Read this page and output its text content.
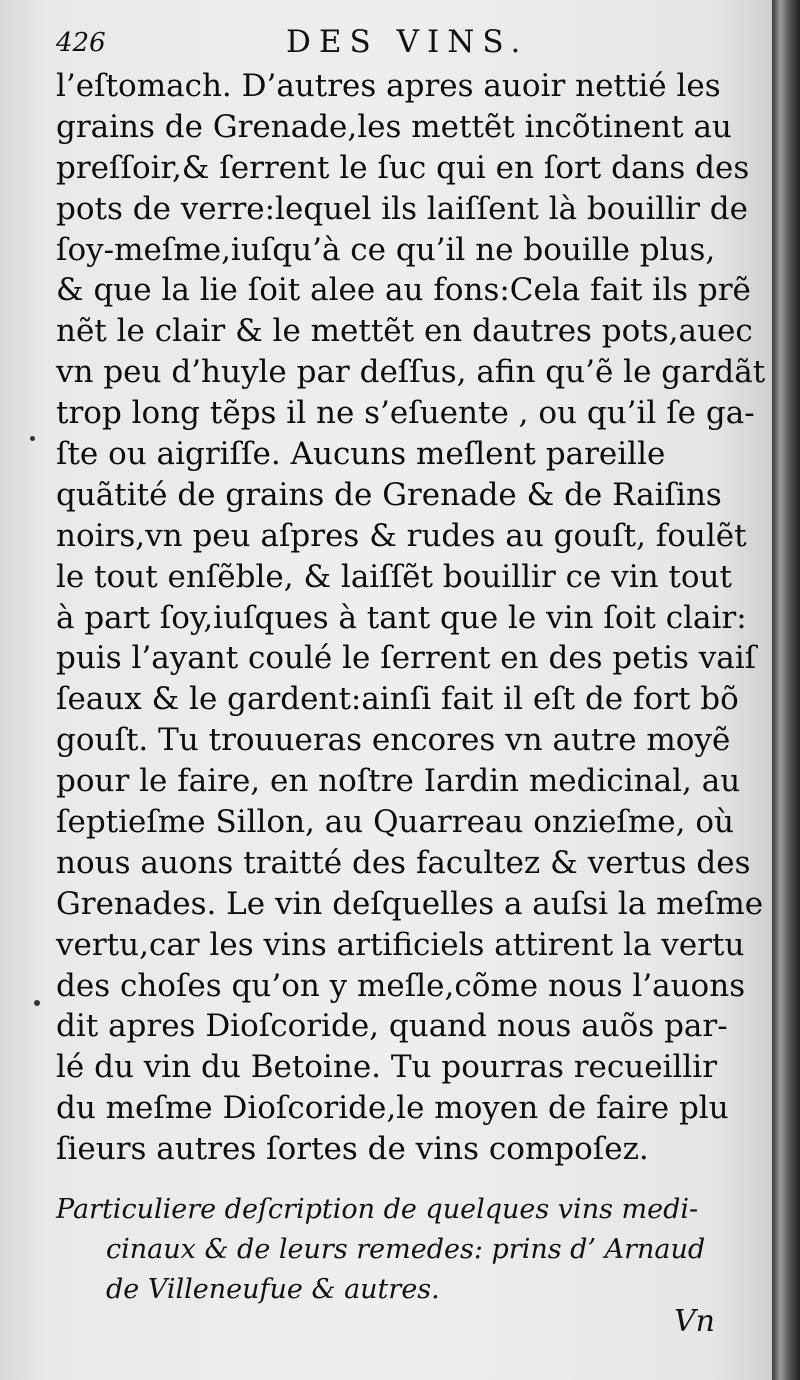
426	DES VINS.
l’eſtomach. D’autres apres auoir nettié les
grains de Grenade,les mettẽt incõtinent au
preſſoir,& ſerrent le ſuc qui en ſort dans des
pots de verre:lequel ils laiſſent là bouillir de
ſoy-meſme,iuſqu’à ce qu’il ne bouille plus,
& que la lie ſoit alee au fons:Cela fait ils prẽ
nẽt le clair & le mettẽt en dautres pots,auec
vn peu d’huyle par deſſus, afin qu’ẽ le gardãt
trop long tẽps il ne s’eſuente , ou qu’il ſe ga-
ſte ou aigriſſe. Aucuns meſlent pareille
quãtité de grains de Grenade & de Raiſins
noirs,vn peu aſpres & rudes au gouſt, foulẽt
le tout enſẽble, & laiſſẽt bouillir ce vin tout
à part ſoy,iuſques à tant que le vin ſoit clair:
puis l’ayant coulé le ſerrent en des petis vaiſ
ſeaux & le gardent:ainſi fait il eſt de fort bõ
gouſt. Tu trouueras encores vn autre moyẽ
pour le faire, en noſtre Iardin medicinal, au
ſeptieſme Sillon, au Quarreau onzieſme, où
nous auons traitté des facultez & vertus des
Grenades. Le vin deſquelles a auſsi la meſme
vertu,car les vins artificiels attirent la vertu
des choſes qu’on y meſle,cõme nous l’auons
dit apres Dioſcoride, quand nous auõs par-
lé du vin du Betoine. Tu pourras recueillir
du meſme Dioſcoride,le moyen de faire plu
ſieurs autres ſortes de vins compoſez.
Particuliere deſcription de quelques vins medi-
cinaux & de leurs remedes: prins d’ Arnaud
de Villeneufue & autres.
Vn
